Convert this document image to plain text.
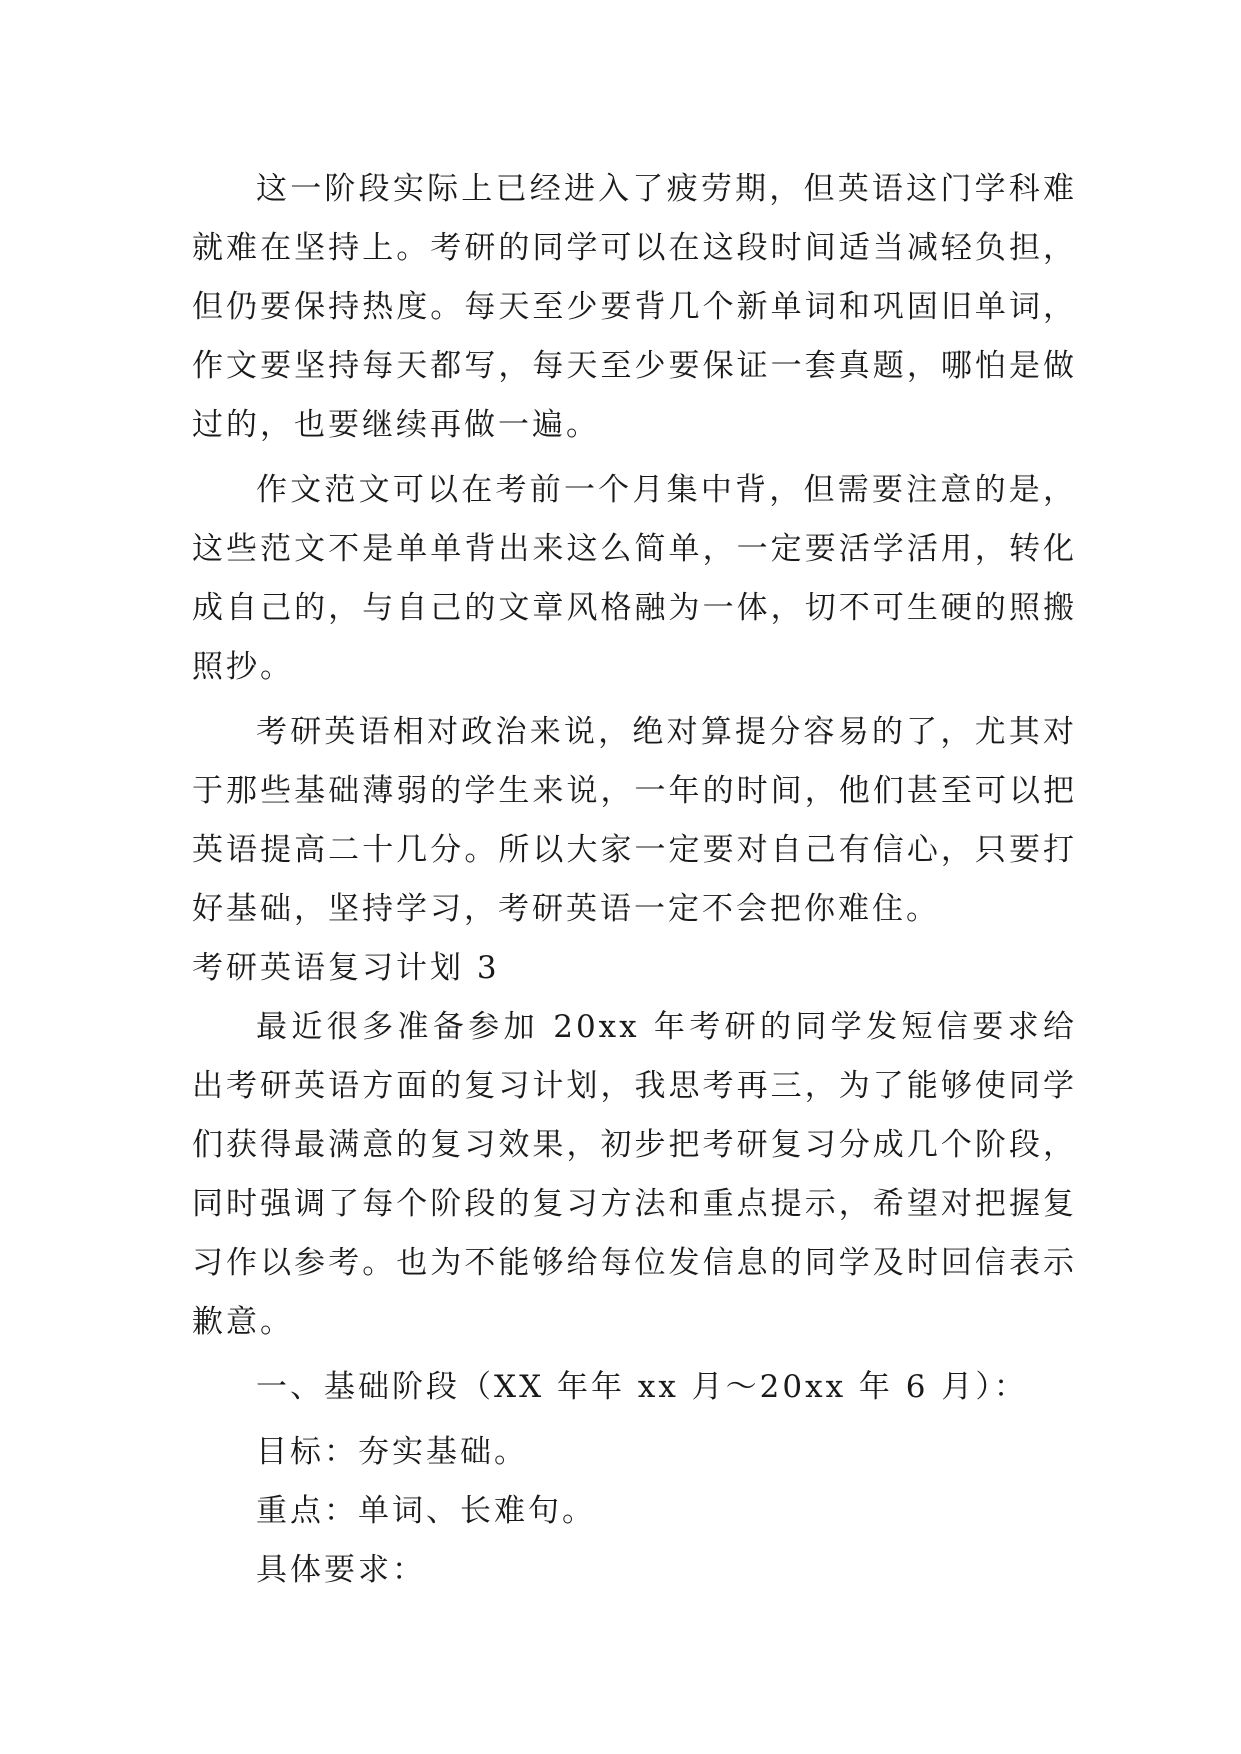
这一阶段实际上已经进入了疲劳期，但英语这门学科难就难在坚持上。考研的同学可以在这段时间适当减轻负担，但仍要保持热度。每天至少要背几个新单词和巩固旧单词，作文要坚持每天都写，每天至少要保证一套真题，哪怕是做过的，也要继续再做一遍。

作文范文可以在考前一个月集中背，但需要注意的是，这些范文不是单单背出来这么简单，一定要活学活用，转化成自己的，与自己的文章风格融为一体，切不可生硬的照搬照抄。

考研英语相对政治来说，绝对算提分容易的了，尤其对于那些基础薄弱的学生来说，一年的时间，他们甚至可以把英语提高二十几分。所以大家一定要对自己有信心，只要打好基础，坚持学习，考研英语一定不会把你难住。

考研英语复习计划 3

最近很多准备参加 20xx 年考研的同学发短信要求给出考研英语方面的复习计划，我思考再三，为了能够使同学们获得最满意的复习效果，初步把考研复习分成几个阶段，同时强调了每个阶段的复习方法和重点提示，希望对把握复习作以参考。也为不能够给每位发信息的同学及时回信表示歉意。

一、基础阶段（XX 年年 xx 月～20xx 年 6 月）：

目标：夯实基础。

重点：单词、长难句。

具体要求：
